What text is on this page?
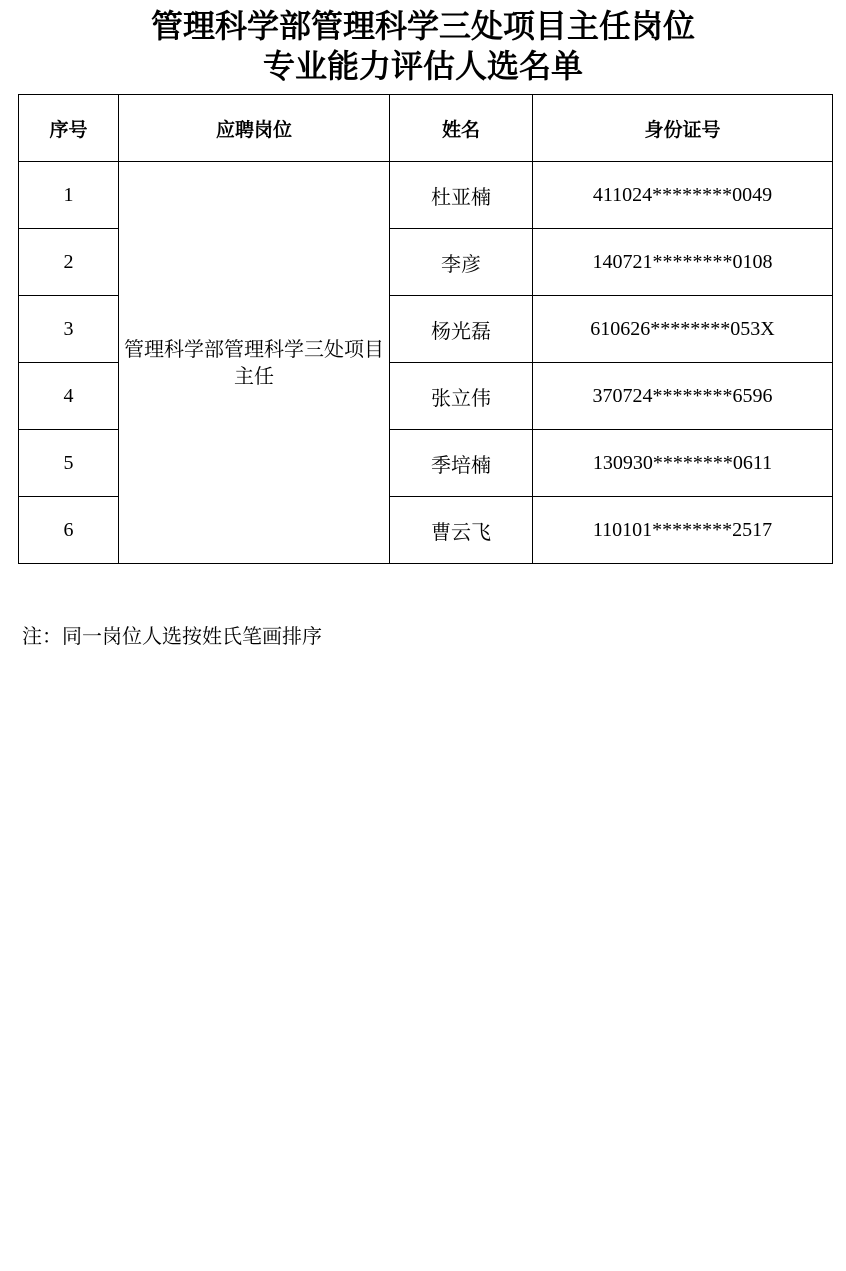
管理科学部管理科学三处项目主任岗位
专业能力评估人选名单
序号	应聘岗位	姓名	身份证号
1	管理科学部管理科学三处项目主任	杜亚楠	411024********0049
2		李彦	140721********0108
3		杨光磊	610626********053X
4		张立伟	370724********6596
5		季培楠	130930********0611
6		曹云飞	110101********2517
注：同一岗位人选按姓氏笔画排序
